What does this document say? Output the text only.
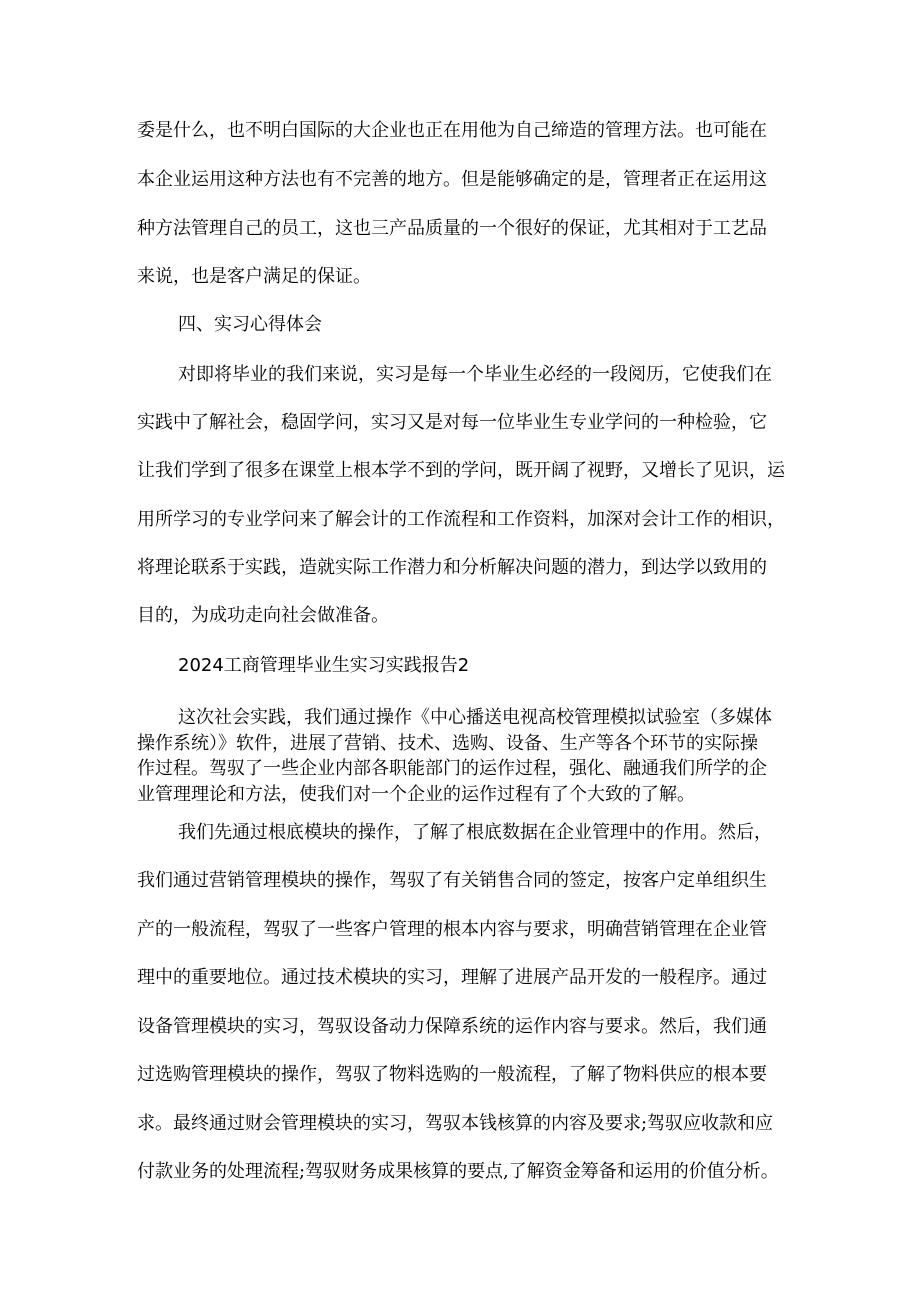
委是什么，也不明白国际的大企业也正在用他为自己缔造的管理方法。也可能在

本企业运用这种方法也有不完善的地方。但是能够确定的是，管理者正在运用这

种方法管理自己的员工，这也三产品质量的一个很好的保证，尤其相对于工艺品

来说，也是客户满足的保证。

四、实习心得体会

对即将毕业的我们来说，实习是每一个毕业生必经的一段阅历，它使我们在

实践中了解社会，稳固学问，实习又是对每一位毕业生专业学问的一种检验，它

让我们学到了很多在课堂上根本学不到的学问，既开阔了视野，又增长了见识，运

用所学习的专业学问来了解会计的工作流程和工作资料，加深对会计工作的相识，

将理论联系于实践，造就实际工作潜力和分析解决问题的潜力，到达学以致用的

目的，为成功走向社会做准备。

2024工商管理毕业生实习实践报告2

这次社会实践，我们通过操作《中心播送电视高校管理模拟试验室（多媒体

操作系统）》软件，进展了营销、技术、选购、设备、生产等各个环节的实际操

作过程。驾驭了一些企业内部各职能部门的运作过程，强化、融通我们所学的企

业管理理论和方法，使我们对一个企业的运作过程有了个大致的了解。

我们先通过根底模块的操作，了解了根底数据在企业管理中的作用。然后，

我们通过营销管理模块的操作，驾驭了有关销售合同的签定，按客户定单组织生

产的一般流程，驾驭了一些客户管理的根本内容与要求，明确营销管理在企业管

理中的重要地位。通过技术模块的实习，理解了进展产品开发的一般程序。通过

设备管理模块的实习，驾驭设备动力保障系统的运作内容与要求。然后，我们通

过选购管理模块的操作，驾驭了物料选购的一般流程，了解了物料供应的根本要

求。最终通过财会管理模块的实习，驾驭本钱核算的内容及要求;驾驭应收款和应

付款业务的处理流程;驾驭财务成果核算的要点,了解资金筹备和运用的价值分析。
